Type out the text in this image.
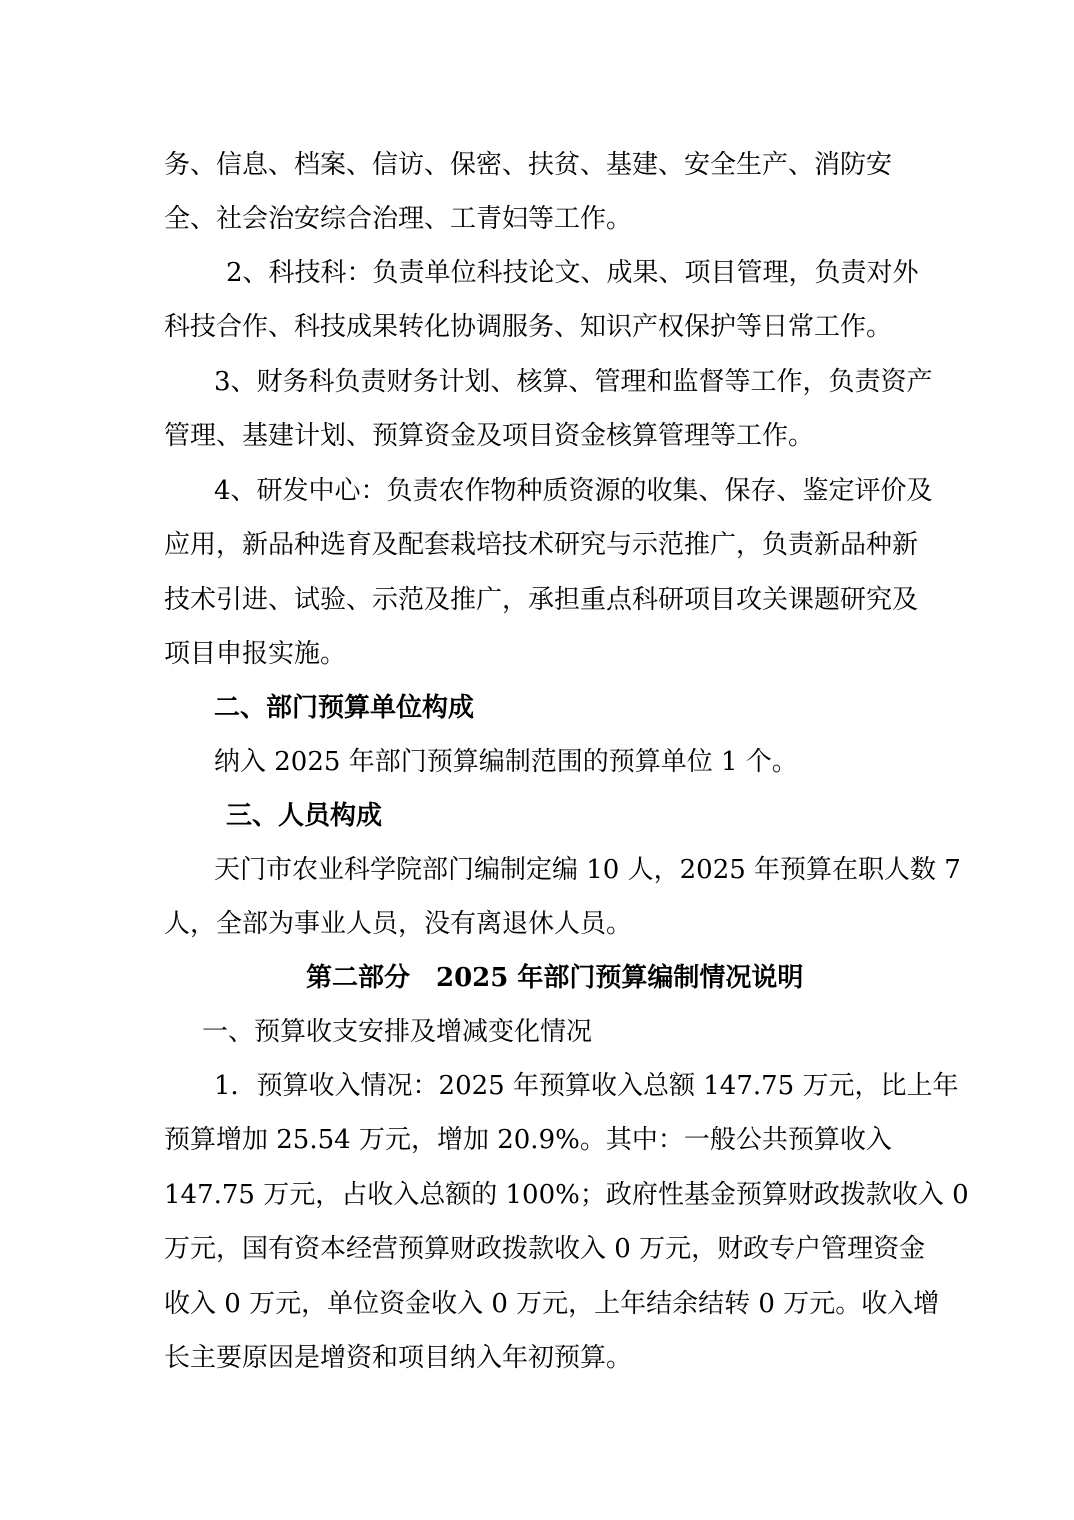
务、信息、档案、信访、保密、扶贫、基建、安全生产、消防安

全、社会治安综合治理、工青妇等工作。

2、科技科：负责单位科技论文、成果、项目管理，负责对外

科技合作、科技成果转化协调服务、知识产权保护等日常工作。

3、财务科负责财务计划、核算、管理和监督等工作，负责资产

管理、基建计划、预算资金及项目资金核算管理等工作。

4、研发中心：负责农作物种质资源的收集、保存、鉴定评价及

应用，新品种选育及配套栽培技术研究与示范推广，负责新品种新

技术引进、试验、示范及推广，承担重点科研项目攻关课题研究及

项目申报实施。

二、部门预算单位构成

纳入 2025 年部门预算编制范围的预算单位 1 个。

三、人员构成

天门市农业科学院部门编制定编 10 人，2025 年预算在职人数 7

人，全部为事业人员，没有离退休人员。

第二部分　2025 年部门预算编制情况说明

一、预算收支安排及增减变化情况

1．预算收入情况：2025 年预算收入总额 147.75 万元，比上年

预算增加 25.54 万元，增加 20.9%。其中：一般公共预算收入

147.75 万元，占收入总额的 100%；政府性基金预算财政拨款收入 0

万元，国有资本经营预算财政拨款收入 0 万元，财政专户管理资金

收入 0 万元，单位资金收入 0 万元，上年结余结转 0 万元。收入增

长主要原因是增资和项目纳入年初预算。
